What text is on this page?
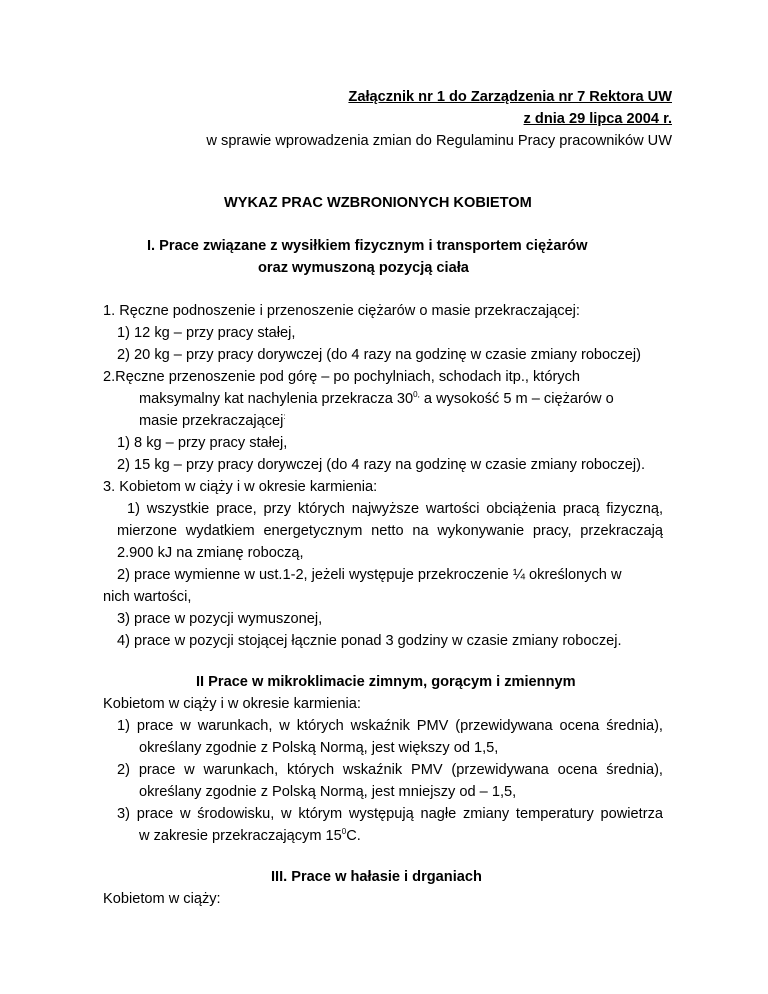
Załącznik nr 1 do Zarządzenia nr 7 Rektora UW
z dnia 29 lipca 2004 r.
w sprawie wprowadzenia zmian do Regulaminu Pracy pracowników UW
WYKAZ PRAC WZBRONIONYCH KOBIETOM
I. Prace związane z wysiłkiem fizycznym i transportem ciężarów
oraz wymuszoną pozycją ciała
1. Ręczne podnoszenie i przenoszenie ciężarów o masie przekraczającej:
1) 12 kg – przy pracy stałej,
2) 20 kg – przy pracy dorywczej (do 4 razy na godzinę w czasie zmiany roboczej)
2.Ręczne przenoszenie pod górę – po pochylniach, schodach itp., których
maksymalny kat nachylenia przekracza $30^{0,}$ a wysokość 5 m – ciężarów o
masie przekraczającej:
1) 8 kg – przy pracy stałej,
2) 15 kg – przy pracy dorywczej (do 4 razy na godzinę w czasie zmiany roboczej).
3. Kobietom w ciąży i w okresie karmienia:
1) wszystkie prace, przy których najwyższe wartości obciążenia pracą fizyczną,
mierzone wydatkiem energetycznym netto na wykonywanie pracy, przekraczają
2.900 kJ na zmianę roboczą,
2) prace wymienne w ust.1-2, jeżeli występuje przekroczenie ¼ określonych w
nich wartości,
3) prace w pozycji wymuszonej,
4) prace w pozycji stojącej łącznie ponad 3 godziny w czasie zmiany roboczej.
II Prace w mikroklimacie zimnym, gorącym i zmiennym
Kobietom w ciąży i w okresie karmienia:
1) prace w warunkach, w których wskaźnik PMV (przewidywana ocena średnia),
określany zgodnie z Polską Normą, jest większy od 1,5,
2) prace w warunkach, których wskaźnik PMV (przewidywana ocena średnia),
określany zgodnie z Polską Normą, jest mniejszy od – 1,5,
3) prace w środowisku, w którym występują nagłe zmiany temperatury powietrza
w zakresie przekraczającym $15^0C$.
III. Prace w hałasie i drganiach
Kobietom w ciąży:
